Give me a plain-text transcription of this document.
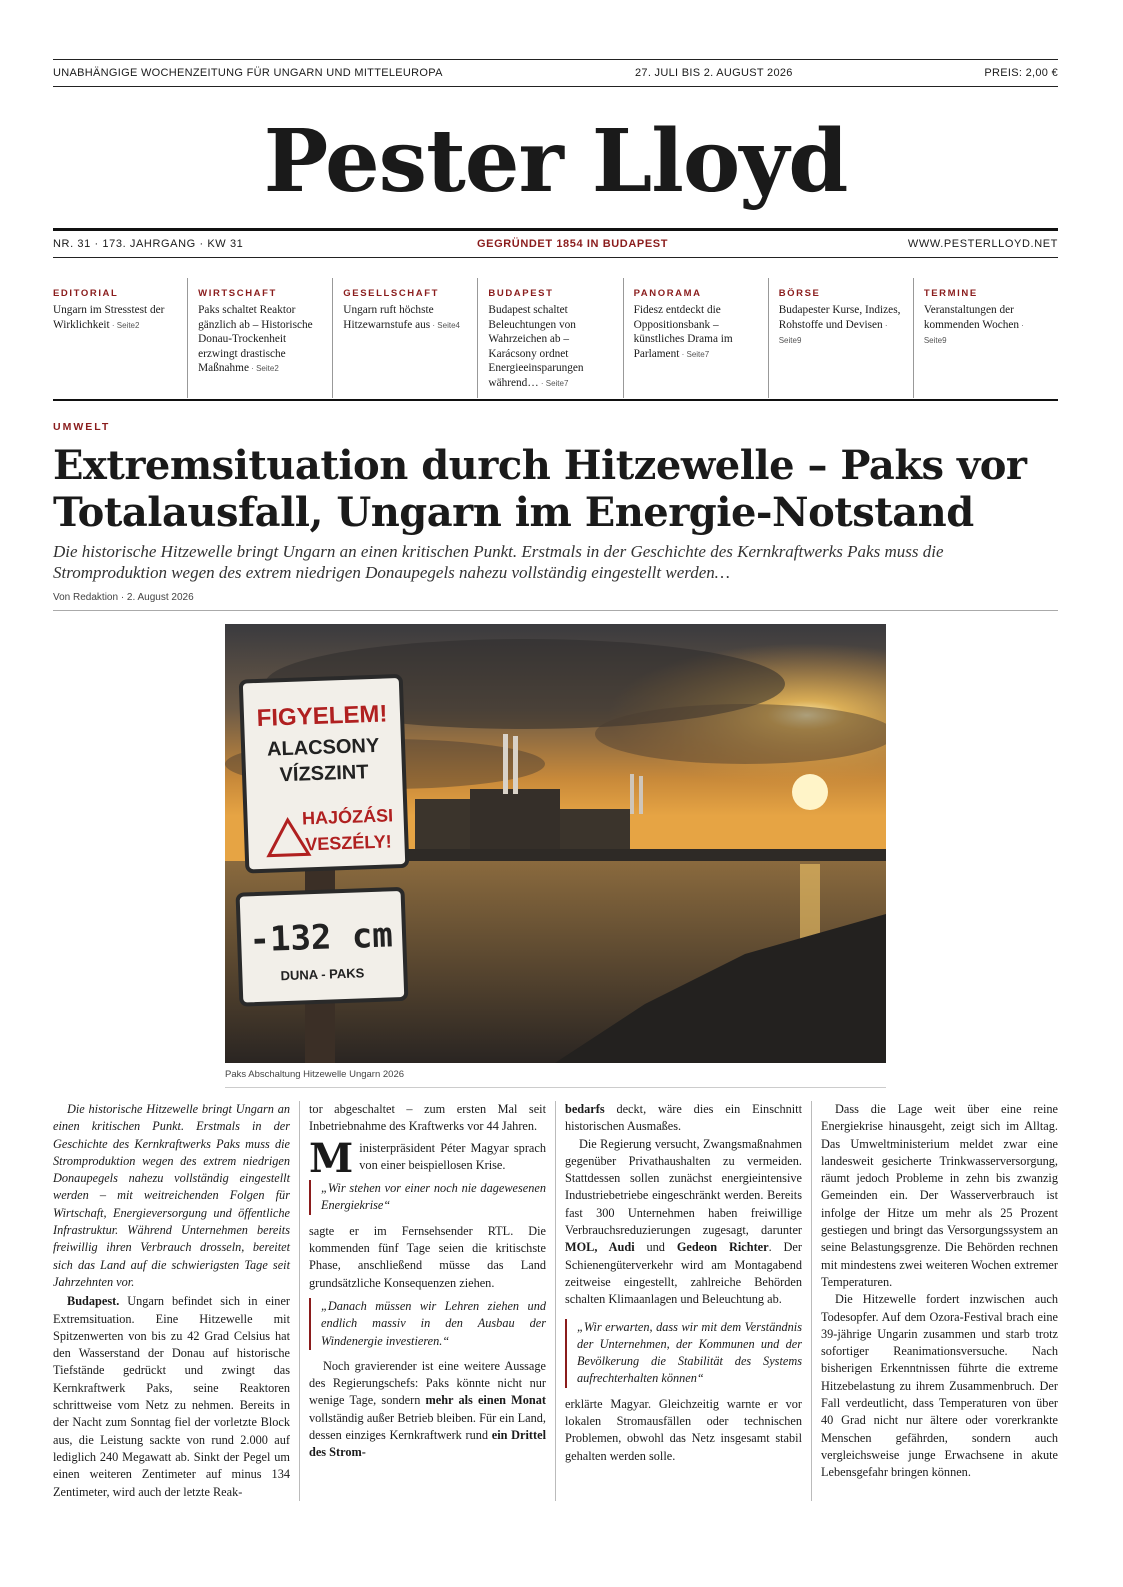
UNABHÄNGIGE WOCHENZEITUNG FÜR UNGARN UND MITTELEUROPA	27. JULI BIS 2. AUGUST 2026	PREIS: 2,00 €
Pester Lloyd
NR. 31 · 173. JAHRGANG · KW 31	GEGRÜNDET 1854 IN BUDAPEST	WWW.PESTERLLOYD.NET
EDITORIAL
Ungarn im Stresstest der Wirklichkeit · Seite2
WIRTSCHAFT
Paks schaltet Reaktor gänzlich ab – Historische Donau-Trockenheit erzwingt drastische Maßnahme · Seite2
GESELLSCHAFT
Ungarn ruft höchste Hitzewarnstufe aus · Seite4
BUDAPEST
Budapest schaltet Beleuchtungen von Wahrzeichen ab – Karácsony ordnet Energieeinsparungen während… · Seite7
PANORAMA
Fidesz entdeckt die Oppositionsbank – künstliches Drama im Parlament · Seite7
BÖRSE
Budapester Kurse, Indizes, Rohstoffe und Devisen · Seite9
TERMINE
Veranstaltungen der kommenden Wochen · Seite9
UMWELT
Extremsituation durch Hitzewelle – Paks vor Totalausfall, Ungarn im Energie-Notstand
Die historische Hitzewelle bringt Ungarn an einen kritischen Punkt. Erstmals in der Geschichte des Kernkraftwerks Paks muss die Stromproduktion wegen des extrem niedrigen Donaupegels nahezu vollständig eingestellt werden…
Von Redaktion · 2. August 2026
FIGYELEM!
ALACSONY
VÍZSZINT
HAJÓZÁSI
VESZÉLY!
-132 cm
DUNA - PAKS
Paks Abschaltung Hitzewelle Ungarn 2026

Die historische Hitzewelle bringt Ungarn an einen kritischen Punkt. Erstmals in der Geschichte des Kernkraftwerks Paks muss die Stromproduktion wegen des extrem niedrigen Donaupegels nahezu vollständig eingestellt werden – mit weitreichenden Folgen für Wirtschaft, Energieversorgung und öffentliche Infrastruktur. Während Unternehmen bereits freiwillig ihren Verbrauch drosseln, bereitet sich das Land auf die schwierigsten Tage seit Jahrzehnten vor.

Budapest. Ungarn befindet sich in einer Extremsituation. Eine Hitzewelle mit Spitzenwerten von bis zu 42 Grad Celsius hat den Wasserstand der Donau auf historische Tiefstände gedrückt und zwingt das Kernkraftwerk Paks, seine Reaktoren schrittweise vom Netz zu nehmen. Bereits in der Nacht zum Sonntag fiel der vorletzte Block aus, die Leistung sackte von rund 2.000 auf lediglich 240 Megawatt ab. Sinkt der Pegel um einen weiteren Zentimeter auf minus 134 Zentimeter, wird auch der letzte Reak-

tor abgeschaltet – zum ersten Mal seit Inbetriebnahme des Kraftwerks vor 44 Jahren.

Ministerpräsident Péter Magyar sprach von einer beispiellosen Krise.

„Wir stehen vor einer noch nie dagewesenen Energiekrise“

sagte er im Fernsehsender RTL. Die kommenden fünf Tage seien die kritischste Phase, anschließend müsse das Land grundsätzliche Konsequenzen ziehen.

„Danach müssen wir Lehren ziehen und endlich massiv in den Ausbau der Windenergie investieren.“

Noch gravierender ist eine weitere Aussage des Regierungschefs: Paks könnte nicht nur wenige Tage, sondern mehr als einen Monat vollständig außer Betrieb bleiben. Für ein Land, dessen einziges Kernkraftwerk rund ein Drittel des Strom-

bedarfs deckt, wäre dies ein Einschnitt historischen Ausmaßes.

Die Regierung versucht, Zwangsmaßnahmen gegenüber Privathaushalten zu vermeiden. Stattdessen sollen zunächst energieintensive Industriebetriebe eingeschränkt werden. Bereits fast 300 Unternehmen haben freiwillige Verbrauchsreduzierungen zugesagt, darunter MOL, Audi und Gedeon Richter. Der Schienengüterverkehr wird am Montagabend zeitweise eingestellt, zahlreiche Behörden schalten Klimaanlagen und Beleuchtung ab.

„Wir erwarten, dass wir mit dem Verständnis der Unternehmen, der Kommunen und der Bevölkerung die Stabilität des Systems aufrechterhalten können“

erklärte Magyar. Gleichzeitig warnte er vor lokalen Stromausfällen oder technischen Problemen, obwohl das Netz insgesamt stabil gehalten werden solle.

Dass die Lage weit über eine reine Energiekrise hinausgeht, zeigt sich im Alltag. Das Umweltministerium meldet zwar eine landesweit gesicherte Trinkwasserversorgung, räumt jedoch Probleme in zehn bis zwanzig Gemeinden ein. Der Wasserverbrauch ist infolge der Hitze um mehr als 25 Prozent gestiegen und bringt das Versorgungssystem an seine Belastungsgrenze. Die Behörden rechnen mit mindestens zwei weiteren Wochen extremer Temperaturen.

Die Hitzewelle fordert inzwischen auch Todesopfer. Auf dem Ozora-Festival brach eine 39-jährige Ungarin zusammen und starb trotz sofortiger Reanimationsversuche. Nach bisherigen Erkenntnissen führte die extreme Hitzebelastung zu ihrem Zusammenbruch. Der Fall verdeutlicht, dass Temperaturen von über 40 Grad nicht nur ältere oder vorerkrankte Menschen gefährden, sondern auch vergleichsweise junge Erwachsene in akute Lebensgefahr bringen können.
